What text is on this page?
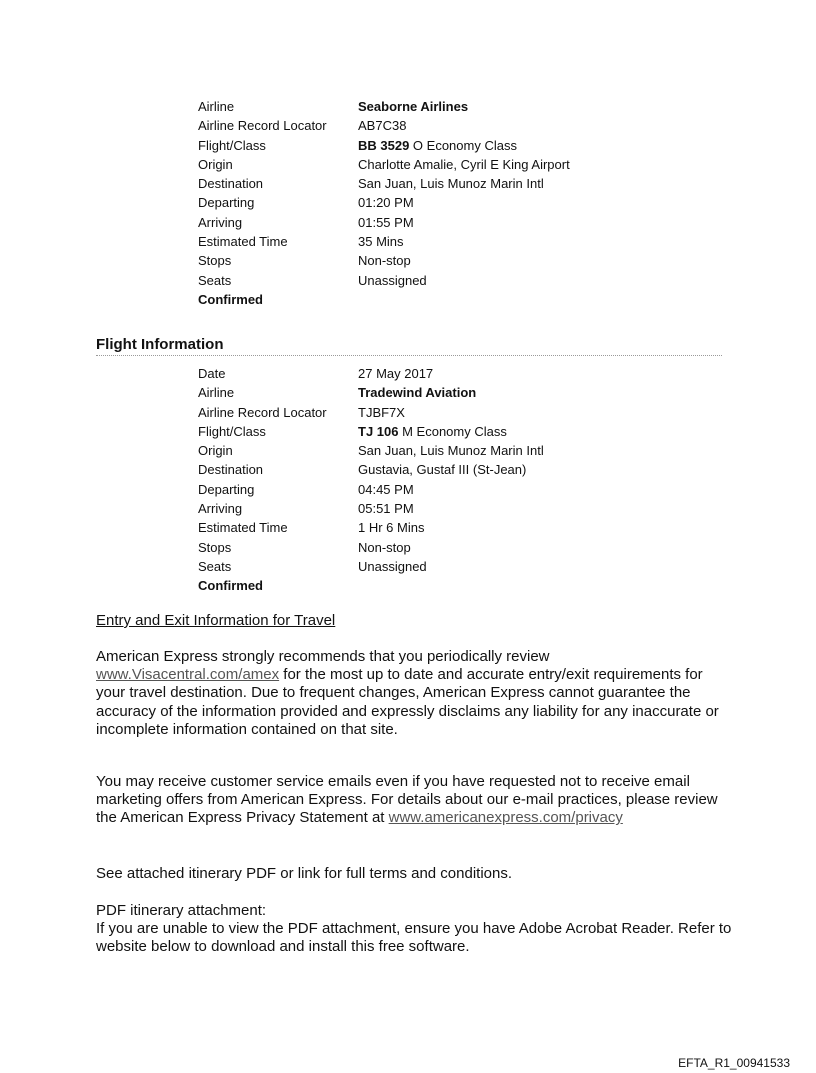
Airline	Seaborne Airlines
Airline Record Locator	AB7C38
Flight/Class	BB 3529 O Economy Class
Origin	Charlotte Amalie, Cyril E King Airport
Destination	San Juan, Luis Munoz Marin Intl
Departing	01:20 PM
Arriving	01:55 PM
Estimated Time	35 Mins
Stops	Non-stop
Seats	Unassigned
Confirmed
Flight Information
Date	27 May 2017
Airline	Tradewind Aviation
Airline Record Locator	TJBF7X
Flight/Class	TJ 106 M Economy Class
Origin	San Juan, Luis Munoz Marin Intl
Destination	Gustavia, Gustaf III (St-Jean)
Departing	04:45 PM
Arriving	05:51 PM
Estimated Time	1 Hr 6 Mins
Stops	Non-stop
Seats	Unassigned
Confirmed
Entry and Exit Information for Travel
American Express strongly recommends that you periodically review www.Visacentral.com/amex for the most up to date and accurate entry/exit requirements for your travel destination. Due to frequent changes, American Express cannot guarantee the accuracy of the information provided and expressly disclaims any liability for any inaccurate or incomplete information contained on that site.
You may receive customer service emails even if you have requested not to receive email marketing offers from American Express. For details about our e-mail practices, please review the American Express Privacy Statement at www.americanexpress.com/privacy
See attached itinerary PDF or link for full terms and conditions.
PDF itinerary attachment:
If you are unable to view the PDF attachment, ensure you have Adobe Acrobat Reader. Refer to website below to download and install this free software.
EFTA_R1_00941533
